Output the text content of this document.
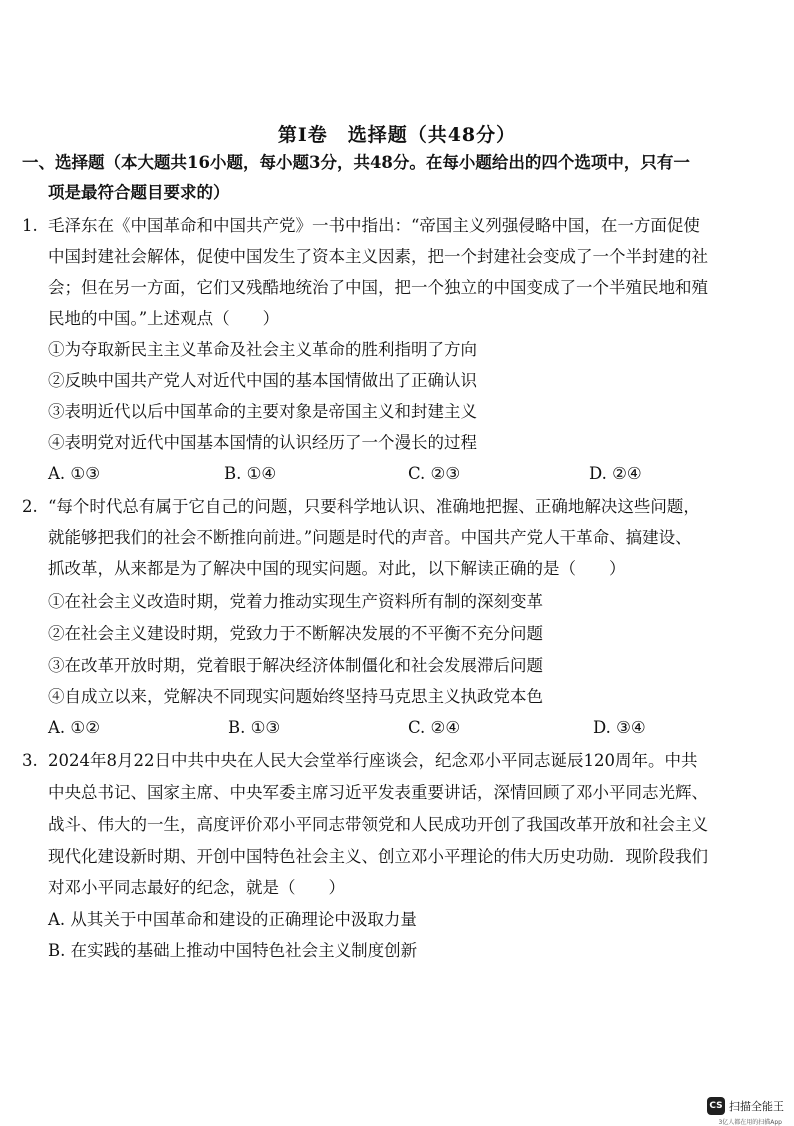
第Ⅰ卷　选择题（共48分）
一、选择题（本大题共16小题，每小题3分，共48分。在每小题给出的四个选项中，只有一
项是最符合题目要求的）
1. 毛泽东在《中国革命和中国共产党》一书中指出：“帝国主义列强侵略中国，在一方面促使
中国封建社会解体，促使中国发生了资本主义因素，把一个封建社会变成了一个半封建的社
会；但在另一方面，它们又残酷地统治了中国，把一个独立的中国变成了一个半殖民地和殖
民地的中国。”上述观点（　　）
①为夺取新民主主义革命及社会主义革命的胜利指明了方向
②反映中国共产党人对近代中国的基本国情做出了正确认识
③表明近代以后中国革命的主要对象是帝国主义和封建主义
④表明党对近代中国基本国情的认识经历了一个漫长的过程
A. ①③	B. ①④	C. ②③	D. ②④
2. “每个时代总有属于它自己的问题，只要科学地认识、准确地把握、正确地解决这些问题，
就能够把我们的社会不断推向前进。”问题是时代的声音。中国共产党人干革命、搞建设、
抓改革，从来都是为了解决中国的现实问题。对此，以下解读正确的是（　　）
①在社会主义改造时期，党着力推动实现生产资料所有制的深刻变革
②在社会主义建设时期，党致力于不断解决发展的不平衡不充分问题
③在改革开放时期，党着眼于解决经济体制僵化和社会发展滞后问题
④自成立以来，党解决不同现实问题始终坚持马克思主义执政党本色
A. ①②	B. ①③	C. ②④	D. ③④
3. 2024年8月22日中共中央在人民大会堂举行座谈会，纪念邓小平同志诞辰120周年。中共
中央总书记、国家主席、中央军委主席习近平发表重要讲话，深情回顾了邓小平同志光辉、
战斗、伟大的一生，高度评价邓小平同志带领党和人民成功开创了我国改革开放和社会主义
现代化建设新时期、开创中国特色社会主义、创立邓小平理论的伟大历史功勋．现阶段我们
对邓小平同志最好的纪念，就是（　　）
A. 从其关于中国革命和建设的正确理论中汲取力量
B. 在实践的基础上推动中国特色社会主义制度创新
CS 扫描全能王
3亿人都在用的扫描App
